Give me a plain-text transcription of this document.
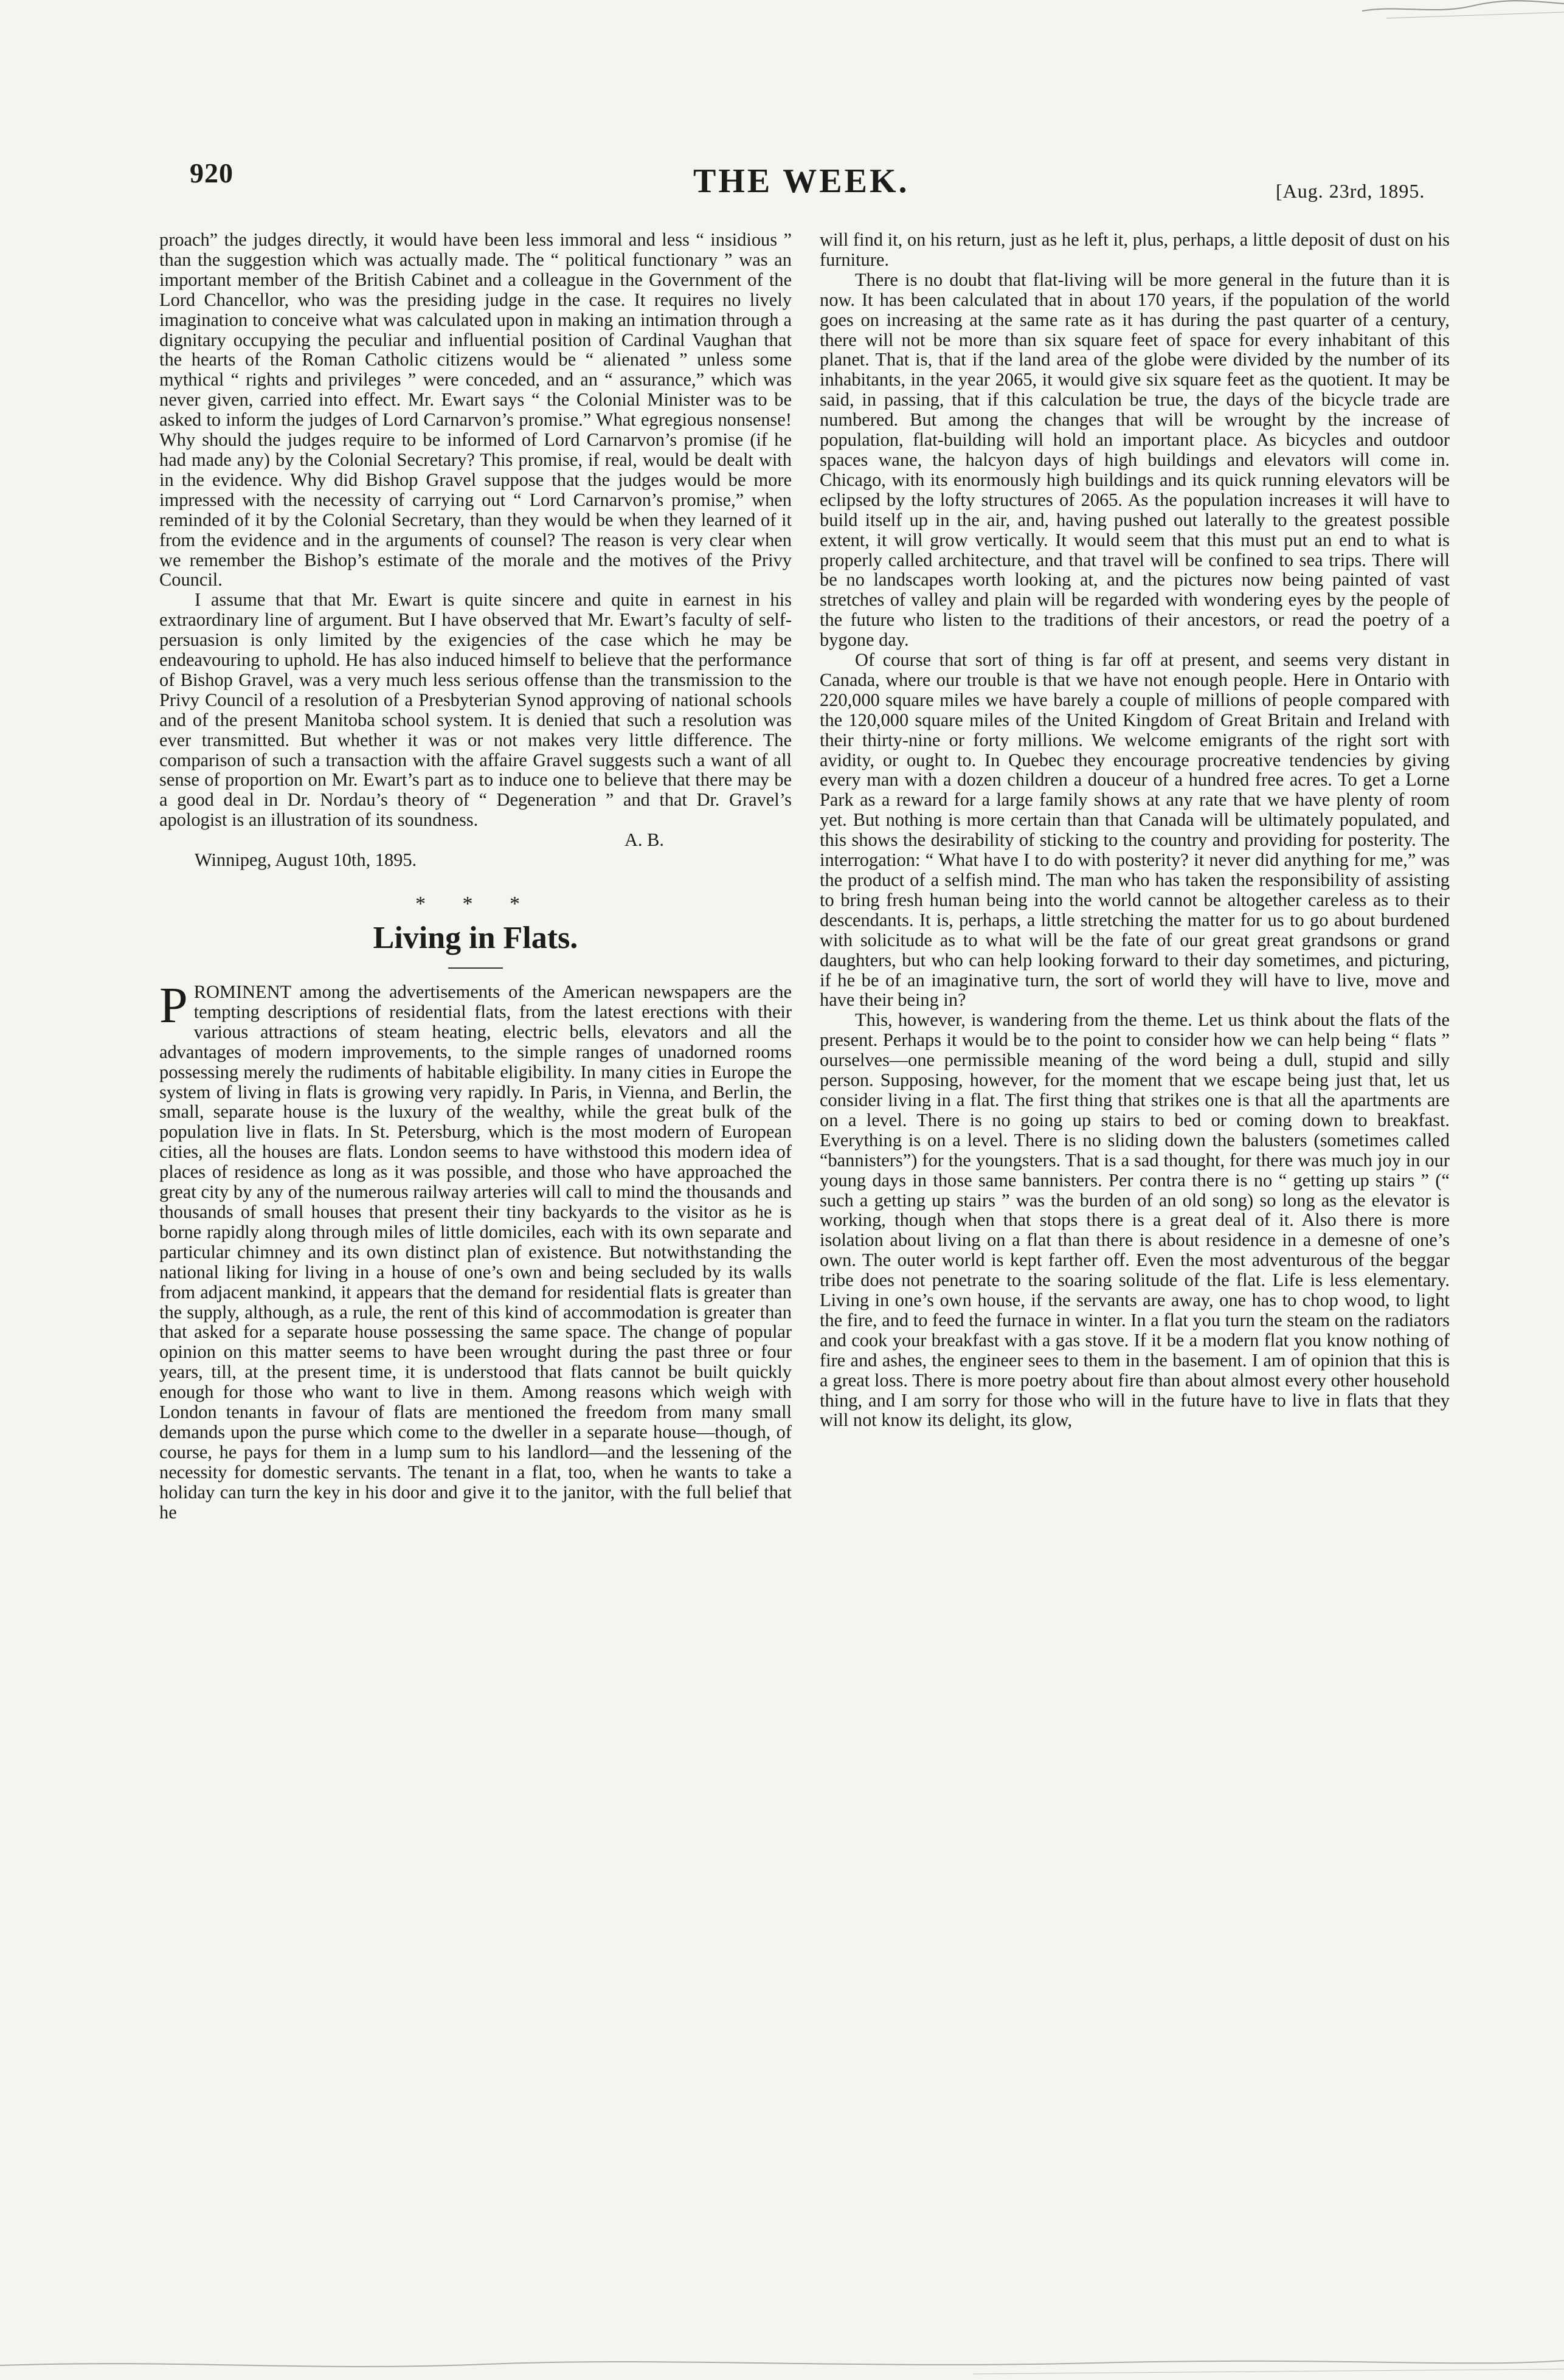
920	THE WEEK.	[Aug. 23rd, 1895.

proach” the judges directly, it would have been less immoral and less “ insidious ” than the suggestion which was actually made. The “ political functionary ” was an important member of the British Cabinet and a colleague in the Government of the Lord Chancellor, who was the presiding judge in the case. It requires no lively imagination to conceive what was calculated upon in making an intimation through a dignitary occupying the peculiar and influential position of Cardinal Vaughan that the hearts of the Roman Catholic citizens would be “ alienated ” unless some mythical “ rights and privileges ” were conceded, and an “ assurance,” which was never given, carried into effect. Mr. Ewart says “ the Colonial Minister was to be asked to inform the judges of Lord Carnarvon’s promise.” What egregious nonsense! Why should the judges require to be informed of Lord Carnarvon’s promise (if he had made any) by the Colonial Secretary? This promise, if real, would be dealt with in the evidence. Why did Bishop Gravel suppose that the judges would be more impressed with the necessity of carrying out “ Lord Carnarvon’s promise,” when reminded of it by the Colonial Secretary, than they would be when they learned of it from the evidence and in the arguments of counsel? The reason is very clear when we remember the Bishop’s estimate of the morale and the motives of the Privy Council.

I assume that that Mr. Ewart is quite sincere and quite in earnest in his extraordinary line of argument. But I have observed that Mr. Ewart’s faculty of self-persuasion is only limited by the exigencies of the case which he may be endeavouring to uphold. He has also induced himself to believe that the performance of Bishop Gravel, was a very much less serious offense than the transmission to the Privy Council of a resolution of a Presbyterian Synod approving of national schools and of the present Manitoba school system. It is denied that such a resolution was ever transmitted. But whether it was or not makes very little difference. The comparison of such a transaction with the affaire Gravel suggests such a want of all sense of proportion on Mr. Ewart’s part as to induce one to believe that there may be a good deal in Dr. Nordau’s theory of “ Degeneration ” and that Dr. Gravel’s apologist is an illustration of its soundness.

A. B.

Winnipeg, August 10th, 1895.

* * *
Living in Flats.

PROMINENT among the advertisements of the American newspapers are the tempting descriptions of residential flats, from the latest erections with their various attractions of steam heating, electric bells, elevators and all the advantages of modern improvements, to the simple ranges of unadorned rooms possessing merely the rudiments of habitable eligibility. In many cities in Europe the system of living in flats is growing very rapidly. In Paris, in Vienna, and Berlin, the small, separate house is the luxury of the wealthy, while the great bulk of the population live in flats. In St. Petersburg, which is the most modern of European cities, all the houses are flats. London seems to have withstood this modern idea of places of residence as long as it was possible, and those who have approached the great city by any of the numerous railway arteries will call to mind the thousands and thousands of small houses that present their tiny backyards to the visitor as he is borne rapidly along through miles of little domiciles, each with its own separate and particular chimney and its own distinct plan of existence. But notwithstanding the national liking for living in a house of one’s own and being secluded by its walls from adjacent mankind, it appears that the demand for residential flats is greater than the supply, although, as a rule, the rent of this kind of accommodation is greater than that asked for a separate house possessing the same space. The change of popular opinion on this matter seems to have been wrought during the past three or four years, till, at the present time, it is understood that flats cannot be built quickly enough for those who want to live in them. Among reasons which weigh with London tenants in favour of flats are mentioned the freedom from many small demands upon the purse which come to the dweller in a separate house—though, of course, he pays for them in a lump sum to his landlord—and the lessening of the necessity for domestic servants. The tenant in a flat, too, when he wants to take a holiday can turn the key in his door and give it to the janitor, with the full belief that he

will find it, on his return, just as he left it, plus, perhaps, a little deposit of dust on his furniture.

There is no doubt that flat-living will be more general in the future than it is now. It has been calculated that in about 170 years, if the population of the world goes on increasing at the same rate as it has during the past quarter of a century, there will not be more than six square feet of space for every inhabitant of this planet. That is, that if the land area of the globe were divided by the number of its inhabitants, in the year 2065, it would give six square feet as the quotient. It may be said, in passing, that if this calculation be true, the days of the bicycle trade are numbered. But among the changes that will be wrought by the increase of population, flat-building will hold an important place. As bicycles and outdoor spaces wane, the halcyon days of high buildings and elevators will come in. Chicago, with its enormously high buildings and its quick running elevators will be eclipsed by the lofty structures of 2065. As the population increases it will have to build itself up in the air, and, having pushed out laterally to the greatest possible extent, it will grow vertically. It would seem that this must put an end to what is properly called architecture, and that travel will be confined to sea trips. There will be no landscapes worth looking at, and the pictures now being painted of vast stretches of valley and plain will be regarded with wondering eyes by the people of the future who listen to the traditions of their ancestors, or read the poetry of a bygone day.

Of course that sort of thing is far off at present, and seems very distant in Canada, where our trouble is that we have not enough people. Here in Ontario with 220,000 square miles we have barely a couple of millions of people compared with the 120,000 square miles of the United Kingdom of Great Britain and Ireland with their thirty-nine or forty millions. We welcome emigrants of the right sort with avidity, or ought to. In Quebec they encourage procreative tendencies by giving every man with a dozen children a douceur of a hundred free acres. To get a Lorne Park as a reward for a large family shows at any rate that we have plenty of room yet. But nothing is more certain than that Canada will be ultimately populated, and this shows the desirability of sticking to the country and providing for posterity. The interrogation: “ What have I to do with posterity? it never did anything for me,” was the product of a selfish mind. The man who has taken the responsibility of assisting to bring fresh human being into the world cannot be altogether careless as to their descendants. It is, perhaps, a little stretching the matter for us to go about burdened with solicitude as to what will be the fate of our great great grandsons or grand daughters, but who can help looking forward to their day sometimes, and picturing, if he be of an imaginative turn, the sort of world they will have to live, move and have their being in?

This, however, is wandering from the theme. Let us think about the flats of the present. Perhaps it would be to the point to consider how we can help being “ flats ” ourselves—one permissible meaning of the word being a dull, stupid and silly person. Supposing, however, for the moment that we escape being just that, let us consider living in a flat. The first thing that strikes one is that all the apartments are on a level. There is no going up stairs to bed or coming down to breakfast. Everything is on a level. There is no sliding down the balusters (sometimes called “bannisters”) for the youngsters. That is a sad thought, for there was much joy in our young days in those same bannisters. Per contra there is no “ getting up stairs ” (“ such a getting up stairs ” was the burden of an old song) so long as the elevator is working, though when that stops there is a great deal of it. Also there is more isolation about living on a flat than there is about residence in a demesne of one’s own. The outer world is kept farther off. Even the most adventurous of the beggar tribe does not penetrate to the soaring solitude of the flat. Life is less elementary. Living in one’s own house, if the servants are away, one has to chop wood, to light the fire, and to feed the furnace in winter. In a flat you turn the steam on the radiators and cook your breakfast with a gas stove. If it be a modern flat you know nothing of fire and ashes, the engineer sees to them in the basement. I am of opinion that this is a great loss. There is more poetry about fire than about almost every other household thing, and I am sorry for those who will in the future have to live in flats that they will not know its delight, its glow,
